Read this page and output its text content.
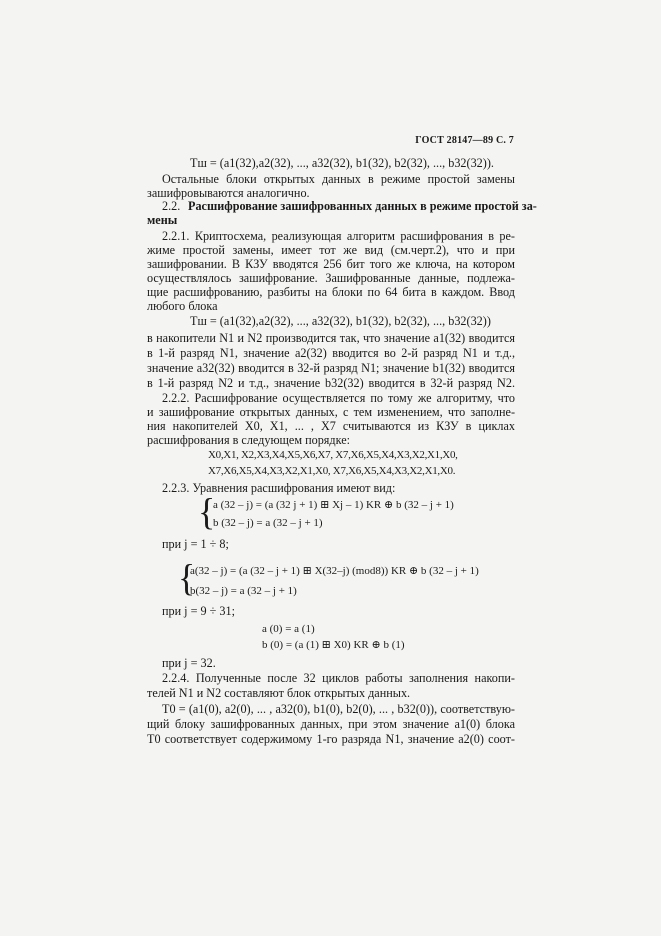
ГОСТ 28147—89 С. 7
Tш = (a1(32),a2(32), ..., a32(32), b1(32), b2(32), ..., b32(32)).
Остальные блоки открытых данных в режиме простой замены
зашифровываются аналогично.
2.2. Расшифрование зашифрованных данных в режиме простой за-
мены
2.2.1. Криптосхема, реализующая алгоритм расшифрования в ре-
жиме простой замены, имеет тот же вид (см.черт.2), что и при
зашифровании. В КЗУ вводятся 256 бит того же ключа, на котором
осуществлялось зашифрование. Зашифрованные данные, подлежа-
щие расшифрованию, разбиты на блоки по 64 бита в каждом. Ввод
любого блока
Tш = (a1(32),a2(32), ..., a32(32), b1(32), b2(32), ..., b32(32))
в накопители N1 и N2 производится так, что значение a1(32) вводится
в 1-й разряд N1, значение a2(32) вводится во 2-й разряд N1 и т.д.,
значение a32(32) вводится в 32-й разряд N1; значение b1(32) вводится
в 1-й разряд N2 и т.д., значение b32(32) вводится в 32-й разряд N2.
2.2.2. Расшифрование осуществляется по тому же алгоритму, что
и зашифрование открытых данных, с тем изменением, что заполне-
ния накопителей X0, X1, ... , X7 считываются из КЗУ в циклах
расшифрования в следующем порядке:
X0,X1, X2,X3,X4,X5,X6,X7, X7,X6,X5,X4,X3,X2,X1,X0,
X7,X6,X5,X4,X3,X2,X1,X0, X7,X6,X5,X4,X3,X2,X1,X0.
2.2.3. Уравнения расшифрования имеют вид:
{
a (32 – j) = (a (32 j + 1) ⊞ Xj – 1) KR ⊕ b (32 – j + 1)
b (32 – j) = a (32 – j + 1)
при j = 1 ÷ 8;
{
a(32 – j) = (a (32 – j + 1) ⊞ X(32–j) (mod8)) KR ⊕ b (32 – j + 1)
b(32 – j) = a (32 – j + 1)
при j = 9 ÷ 31;
a (0) = a (1)
b (0) = (a (1) ⊞ X0) KR ⊕ b (1)
при j = 32.
2.2.4. Полученные после 32 циклов работы заполнения накопи-
телей N1 и N2 составляют блок открытых данных.
T0 = (a1(0), a2(0), ... , a32(0), b1(0), b2(0), ... , b32(0)), соответствую-
щий блоку зашифрованных данных, при этом значение a1(0) блока
T0 соответствует содержимому 1-го разряда N1, значение a2(0) соот-
